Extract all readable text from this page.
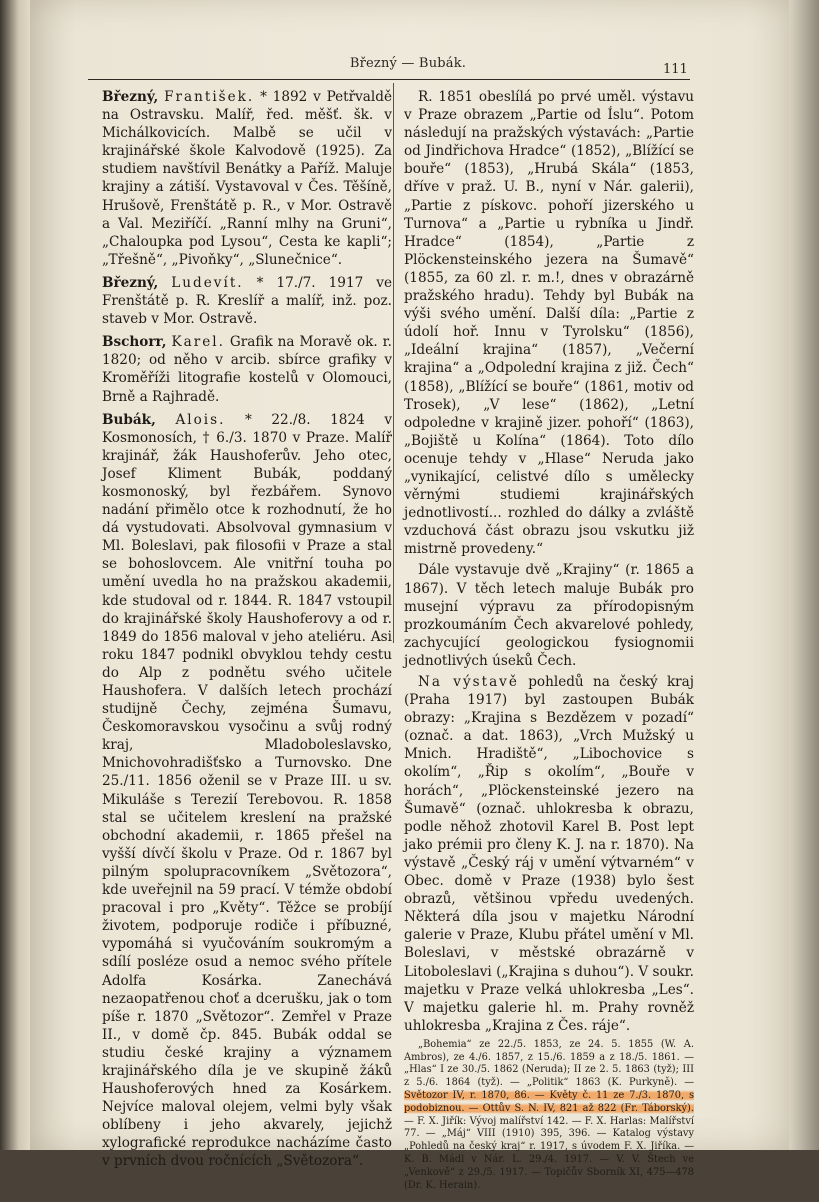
Březný — Bubák.	111

Březný, František. * 1892 v Petřvaldě na Ostravsku. Malíř, řed. měšť. šk. v Michálkovicích. Malbě se učil v krajinářské škole Kalvodově (1925). Za studiem navštívil Benátky a Paříž. Maluje krajiny a zátiší. Vystavoval v Čes. Těšíně, Hrušově, Frenštátě p. R., v Mor. Ostravě a Val. Meziříčí. „Ranní mlhy na Gruni“, „Chaloupka pod Lysou“, Cesta ke kapli“; „Třešně“, „Pivoňky“, „Slunečnice“.

Březný, Ludevít. * 17./7. 1917 ve Frenštátě p. R. Kreslíř a malíř, inž. poz. staveb v Mor. Ostravě.

Bschorr, Karel. Grafik na Moravě ok. r. 1820; od něho v arcib. sbírce grafiky v Kroměříži litografie kostelů v Olomouci, Brně a Rajhradě.

Bubák, Alois. * 22./8. 1824 v Kosmonosích, † 6./3. 1870 v Praze. Malíř krajinář, žák Haushoferův. Jeho otec, Josef Kliment Bubák, poddaný kosmonoský, byl řezbářem. Synovo nadání přimělo otce k rozhodnutí, že ho dá vystudovati. Absolvoval gymnasium v Ml. Boleslavi, pak filosofii v Praze a stal se bohoslovcem. Ale vnitřní touha po umění uvedla ho na pražskou akademii, kde studoval od r. 1844. R. 1847 vstoupil do krajinářské školy Haushoferovy a od r. 1849 do 1856 maloval v jeho ateliéru. Asi roku 1847 podnikl obvyklou tehdy cestu do Alp z podnětu svého učitele Haushofera. V dalších letech prochází studijně Čechy, zejména Šumavu, Českomoravskou vysočinu a svůj rodný kraj, Mladoboleslavsko, Mnichovohradišťsko a Turnovsko. Dne 25./11. 1856 oženil se v Praze III. u sv. Mikuláše s Terezií Terebovou. R. 1858 stal se učitelem kreslení na pražské obchodní akademii, r. 1865 přešel na vyšší dívčí školu v Praze. Od r. 1867 byl pilným spolupracovníkem „Světozora“, kde uveřejnil na 59 prací. V témže období pracoval i pro „Květy“. Těžce se probíjí životem, podporuje rodiče i příbuzné, vypomáhá si vyučováním soukromým a sdílí posléze osud a nemoc svého přítele Adolfa Kosárka. Zanechává nezaopatřenou choť a dcerušku, jak o tom píše r. 1870 „Světozor“. Zemřel v Praze II., v domě čp. 845. Bubák oddal se studiu české krajiny a významem krajinářského díla je ve skupině žáků Haushoferových hned za Kosárkem. Nejvíce maloval olejem, velmi byly však oblíbeny i jeho akvarely, jejichž xylografické reprodukce nacházíme často v prvních dvou ročnících „Světozora“.

R. 1851 obeslílá po prvé uměl. výstavu v Praze obrazem „Partie od Íslu“. Potom následují na pražských výstavách: „Partie od Jindřichova Hradce“ (1852), „Blížící se bouře“ (1853), „Hrubá Skála“ (1853, dříve v praž. U. B., nyní v Nár. galerii), „Partie z pískovc. pohoří jizerského u Turnova“ a „Partie u rybníka u Jindř. Hradce“ (1854), „Partie z Plöckensteinského jezera na Šumavě“ (1855, za 60 zl. r. m.!, dnes v obrazárně pražského hradu). Tehdy byl Bubák na výši svého umění. Další díla: „Partie z údolí hoř. Innu v Tyrolsku“ (1856), „Ideální krajina“ (1857), „Večerní krajina“ a „Odpolední krajina z již. Čech“ (1858), „Blížící se bouře“ (1861, motiv od Trosek), „V lese“ (1862), „Letní odpoledne v krajině jizer. pohoří“ (1863), „Bojiště u Kolína“ (1864). Toto dílo ocenuje tehdy v „Hlase“ Neruda jako „vynikající, celistvé dílo s umělecky věrnými studiemi krajinářských jednotlivostí... rozhled do dálky a zvláště vzduchová část obrazu jsou vskutku již mistrně provedeny.“

Dále vystavuje dvě „Krajiny“ (r. 1865 a 1867). V těch letech maluje Bubák pro musejní výpravu za přírodopisným prozkoumáním Čech akvarelové pohledy, zachycující geologickou fysiognomii jednotlivých úseků Čech.

Na výstavě pohledů na český kraj (Praha 1917) byl zastoupen Bubák obrazy: „Krajina s Bezdězem v pozadí“ (označ. a dat. 1863), „Vrch Mužský u Mnich. Hradiště“, „Libochovice s okolím“, „Řip s okolím“, „Bouře v horách“, „Plöckensteinské jezero na Šumavě“ (označ. uhlokresba k obrazu, podle něhož zhotovil Karel B. Post lept jako prémii pro členy K. J. na r. 1870). Na výstavě „Český ráj v umění výtvarném“ v Obec. domě v Praze (1938) bylo šest obrazů, většinou vpředu uvedených. Některá díla jsou v majetku Národní galerie v Praze, Klubu přátel umění v Ml. Boleslavi, v městské obrazárně v Litoboleslavi („Krajina s duhou“). V soukr. majetku v Praze velká uhlokresba „Les“. V majetku galerie hl. m. Prahy rovněž uhlokresba „Krajina z Čes. ráje“.

„Bohemia“ ze 22./5. 1853, ze 24. 5. 1855 (W. A. Ambros), ze 4./6. 1857, z 15./6. 1859 a z 18./5. 1861. — „Hlas“ I ze 30./5. 1862 (Neruda); II ze 2. 5. 1863 (tyž); III z 5./6. 1864 (tyž). — „Politik“ 1863 (K. Purkyně). — Světozor IV, r. 1870, 86. — Květy č. 11 ze 7./3. 1870, s podobiznou. — Ottův S. N. IV, 821 až 822 (Fr. Táborský). — F. X. Jiřík: Vývoj malířství 142. — F. X. Harlas: Malířství 77. — „Máj“ VIII (1910) 395, 396. — Katalog výstavy „Pohledů na český kraj“ r. 1917, s úvodem F. X. Jiříka. — K. B. Mádl v Nár. L. 29./4. 1917. — V. V. Štech ve „Venkově“ z 29./5. 1917. — Topičův Sborník XI, 475—478 (Dr. K. Herain).
